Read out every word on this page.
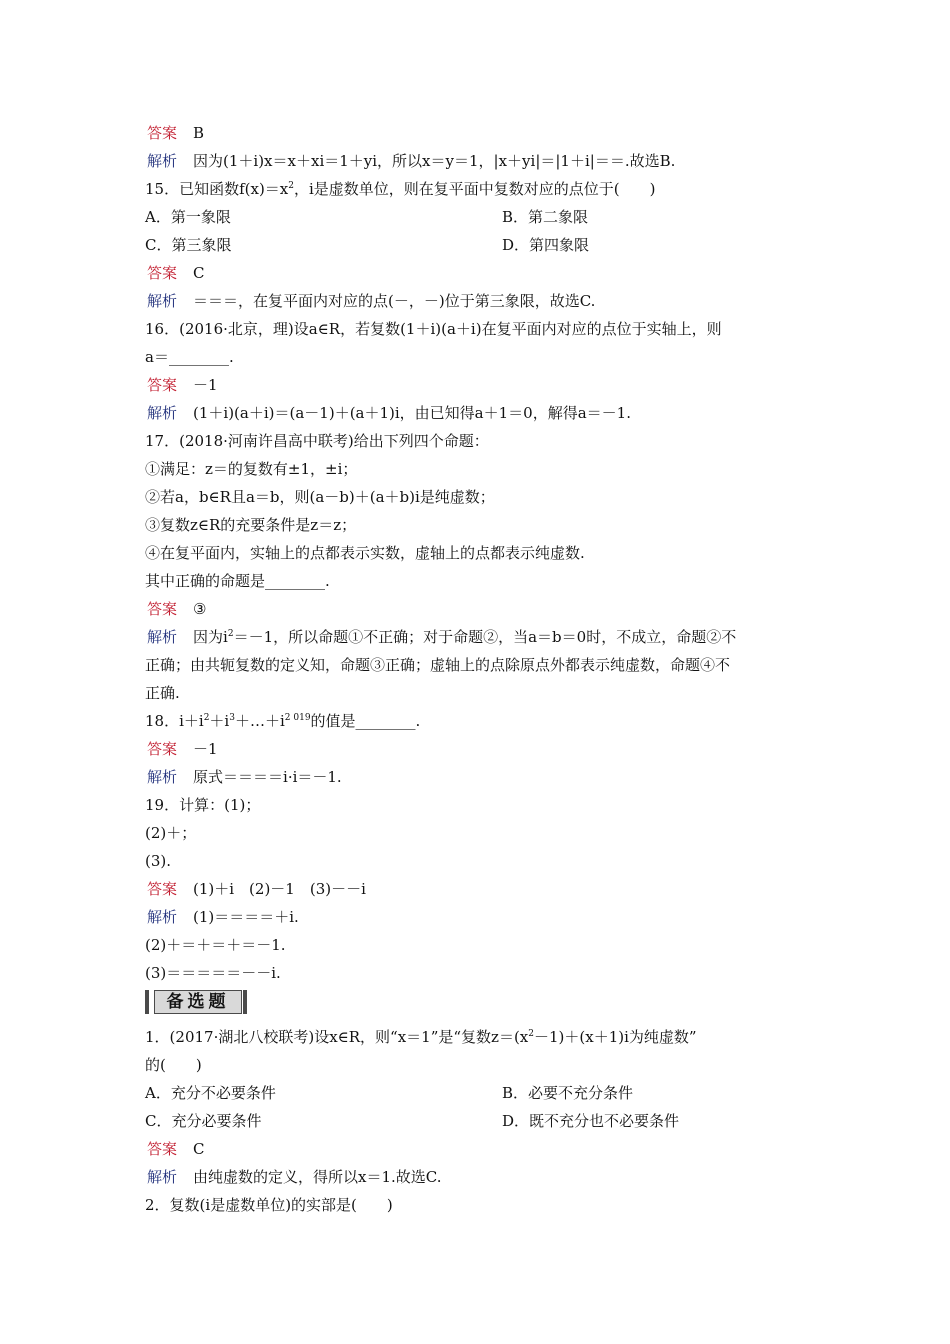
答案 B
解析 因为(1＋i)x＝x＋xi＝1＋yi，所以x＝y＝1，|x＋yi|＝|1＋i|＝＝.故选B.
15．已知函数$f(x)=x^2$，i是虚数单位，则在复平面中复数对应的点位于(　　)
A．第一象限	B．第二象限
C．第三象限	D．第四象限
答案 C
解析 ＝＝＝，在复平面内对应的点(－，－)位于第三象限，故选C.
16．(2016·北京，理)设a∈R，若复数(1＋i)(a＋i)在复平面内对应的点位于实轴上，则
a＝________.
答案 －1
解析 (1＋i)(a＋i)＝(a－1)＋(a＋1)i，由已知得a＋1＝0，解得a＝－1.
17．(2018·河南许昌高中联考)给出下列四个命题：
①满足：z＝的复数有±1，±i；
②若a，b∈R且a＝b，则(a－b)＋(a＋b)i是纯虚数；
③复数z∈R的充要条件是z＝z；
④在复平面内，实轴上的点都表示实数，虚轴上的点都表示纯虚数.
其中正确的命题是________.
答案 ③
解析 因为$i^2=-1$，所以命题①不正确；对于命题②，当a＝b＝0时，不成立，命题②不
正确；由共轭复数的定义知，命题③正确；虚轴上的点除原点外都表示纯虚数，命题④不
正确.
18．$i+i^2+i^3+\dots+i^{2 019}$的值是________.
答案 －1
解析 原式＝＝＝＝i·i＝－1.
19．计算：(1)；
(2)＋；
(3).
答案 (1)＋i　(2)－1　(3)－－i
解析 (1)＝＝＝＝＋i.
(2)＋＝＋＝＋＝－1.
(3)＝＝＝＝＝－－i.
备选题
1．(2017·湖北八校联考)设x∈R，则“x＝1”是“复数$z=(x^2-1)+(x+1)i$为纯虚数”
的(　　)
A．充分不必要条件	B．必要不充分条件
C．充分必要条件	D．既不充分也不必要条件
答案 C
解析 由纯虚数的定义，得所以x＝1.故选C.
2．复数(i是虚数单位)的实部是(　　)
